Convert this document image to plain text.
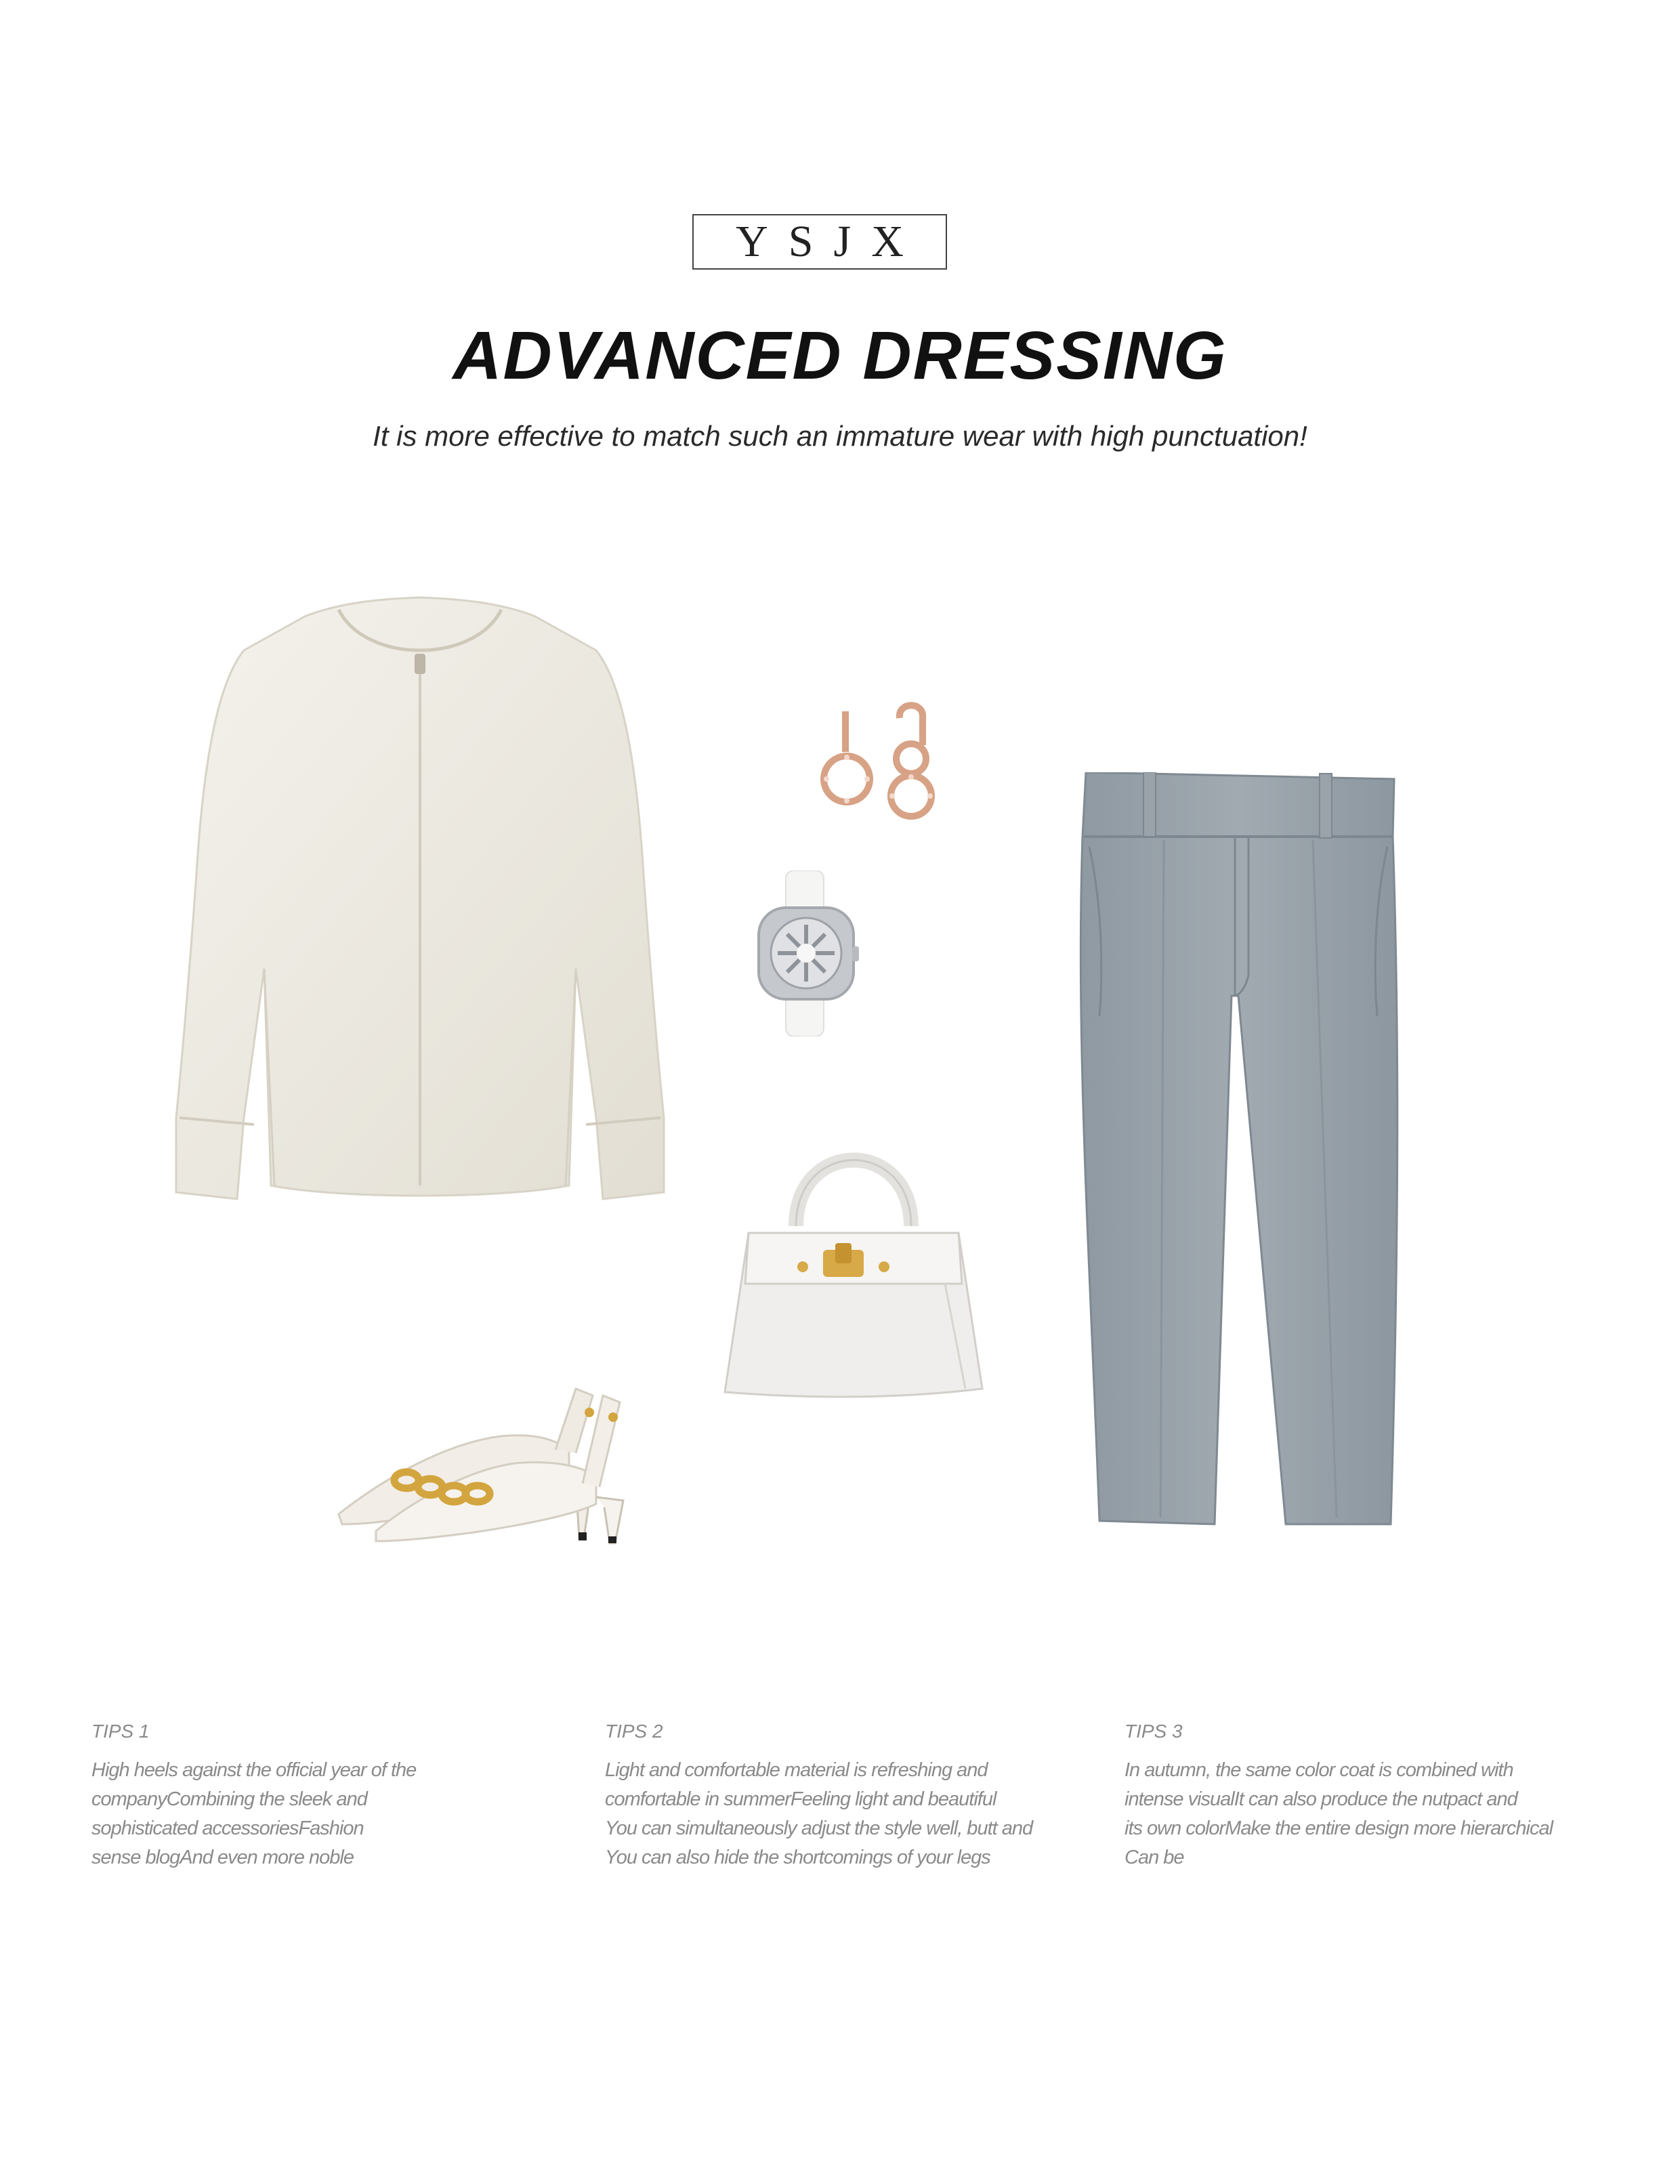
YSJX
ADVANCED DRESSING
It is more effective to match such an immature wear with high punctuation!
TIPS 1
High heels against the official year of the
companyCombining the sleek and
sophisticated accessoriesFashion
sense blogAnd even more noble
TIPS 2
Light and comfortable material is refreshing and
comfortable in summerFeeling light and beautiful
You can simultaneously adjust the style well, butt and
You can also hide the shortcomings of your legs
TIPS 3
In autumn, the same color coat is combined with
intense visualIt can also produce the nutpact and
its own colorMake the entire design more hierarchical
Can be
